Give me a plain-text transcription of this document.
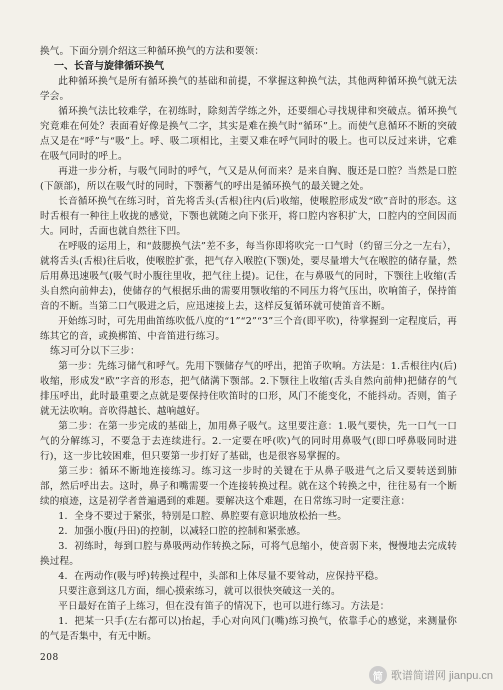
换气。下面分别介绍这三种循环换气的方法和要领：

一、长音与旋律循环换气

此种循环换气是所有循环换气的基础和前提，不掌握这种换气法，其他两种循环换气就无法学会。

循环换气法比较难学，在初练时，除刻苦学练之外，还要细心寻找规律和突破点。循环换气究竟难在何处？表面看好像是换气二字，其实是难在换气时“循环”上。而使气息循环不断的突破点又是在“呼”与“吸”上。呼、吸二项相比，主要又难在呼气同时的吸上。也可以反过来讲，它难在吸气同时的呼上。

再进一步分析，与吸气同时的呼气，气又是从何而来？是来自胸、腹还是口腔？当然是口腔(下颌部)，所以在吸气时的同时，下颚蓄气的呼出是循环换气的最关键之处。

长音循环换气在练习时，首先将舌头(舌根)往内(后)收缩，使喉腔形成发“欧”音时的形态。这时舌根有一种往上收拢的感觉，下颚也就随之向下张开，将口腔内容积扩大，口腔内的空间因而大。同时，舌面也就自然往下凹。

在呼吸的运用上，和“鼓腮换气法”差不多，每当你即将吹完一口气时（约留三分之一左右），就将舌头(舌根)往后收，使喉腔扩张，把气存入喉腔(下颚)处，要尽量增大气在喉腔的储存量，然后用鼻迅速吸气(吸气时小腹往里收，把气往上提)。记住，在与鼻吸气的同时，下颚往上收缩(舌头自然向前伸去)，使储存的气根据乐曲的需要用颚收缩的不同压力将气压出，吹响笛子，保持笛音的不断。当第二口气吸进之后，应迅速接上去，这样反复循环就可使笛音不断。

开始练习时，可先用曲笛练吹低八度的“1”“2”“3”三个音(即平吹)，待掌握到一定程度后，再练其它的音，或换梆笛、中音笛进行练习。

练习可分以下三步：

第一步：先练习储气和呼气。先用下颚储存气的呼出，把笛子吹响。方法是：1.舌根往内(后)收缩，形成发“欧”字音的形态，把气储满下颚部。2.下颚往上收缩(舌头自然向前伸)把储存的气排压呼出，此时最重要之点就是要保持住吹笛时的口形，风门不能变化，不能抖动。否则，笛子就无法吹响。音吹得越长、越响越好。

第二步：在第一步完成的基础上，加用鼻子吸气。这里要注意：1.吸气要快，先一口气一口气的分解练习，不要急于去连续进行。2.一定要在呼(吹)气的同时用鼻吸气(即口呼鼻吸同时进行)，这一步比较困难，但只要第一步打好了基础，也是很容易掌握的。

第三步：循环不断地连接练习。练习这一步时的关键在于从鼻子吸进气之后又要转送到肺部，然后呼出去。这时，鼻子和嘴需要一个连接转换过程。就在这个转换之中，往往易有一个断续的痕迹，这是初学者普遍遇到的难题。要解决这个难题，在日常练习时一定要注意：

1．全身不要过于紧张，特别是口腔、鼻腔要有意识地放松抬一些。

2．加强小腹(丹田)的控制，以减轻口腔的控制和紧张感。

3．初练时，每到口腔与鼻吸两动作转换之际，可将气息缩小，使音弱下来，慢慢地去完成转换过程。

4．在两动作(吸与呼)转换过程中，头部和上体尽量不要耸动，应保持平稳。

只要注意到这几方面，细心摸索练习，就可以很快突破这一关的。

平日最好在笛子上练习，但在没有笛子的情况下，也可以进行练习。方法是：

1．把某一只手(左右都可以)抬起，手心对向风门(嘴)练习换气，依靠手心的感觉，来测量你的气是否集中，有无中断。

208
简 歌谱简谱网 jianpu.cn
